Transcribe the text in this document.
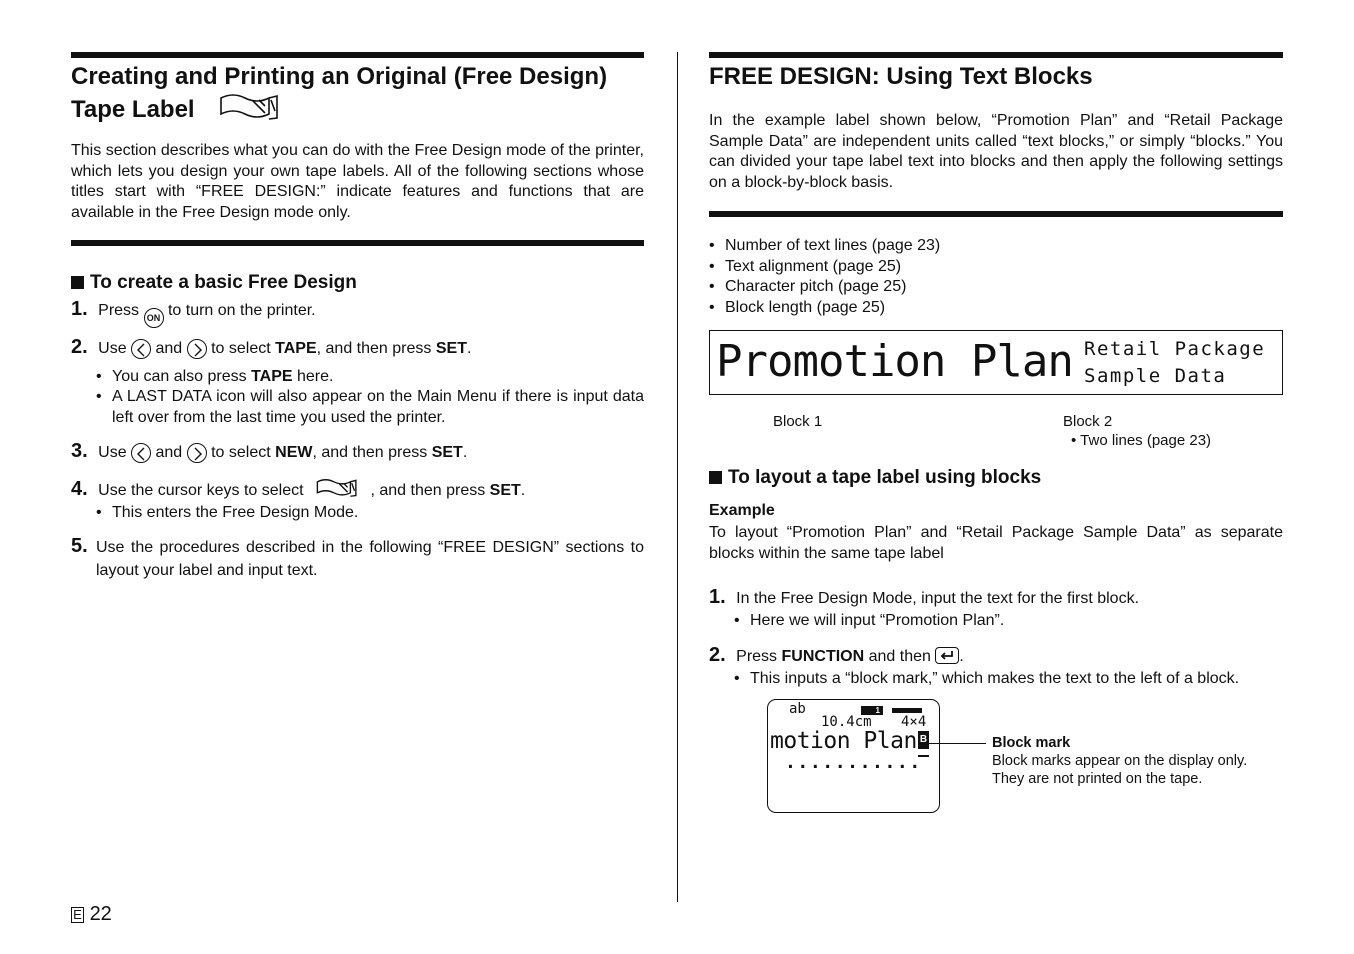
Creating and Printing an Original (Free Design)
Tape Label
This section describes what you can do with the Free Design mode of the printer, which lets you design your own tape labels. All of the following sections whose titles start with “FREE DESIGN:” indicate features and functions that are available in the Free Design mode only.
To create a basic Free Design
1. Press ON to turn on the printer.
2. Use and to select TAPE, and then press SET.
• You can also press TAPE here.
• A LAST DATA icon will also appear on the Main Menu if there is input data left over from the last time you used the printer.
3. Use and to select NEW, and then press SET.
4. Use the cursor keys to select	, and then press SET.
• This enters the Free Design Mode.
5. Use the procedures described in the following “FREE DESIGN” sections to layout your label and input text.
E 22
FREE DESIGN: Using Text Blocks
In the example label shown below, “Promotion Plan” and “Retail Package Sample Data” are independent units called “text blocks,” or simply “blocks.” You can divided your tape label text into blocks and then apply the following settings on a block-by-block basis.
• Number of text lines (page 23)
• Text alignment (page 25)
• Character pitch (page 25)
• Block length (page 25)
Promotion Plan Retail Package
Sample Data
Block 1	Block 2
• Two lines (page 23)
To layout a tape label using blocks
Example
To layout “Promotion Plan” and “Retail Package Sample Data” as separate blocks within the same tape label
1. In the Free Design Mode, input the text for the first block.
• Here we will input “Promotion Plan”.
2. Press FUNCTION and then .
• This inputs a “block mark,” which makes the text to the left of a block.
ab	1
10.4cm 4×4
motion Plan B
...........
Block mark
Block marks appear on the display only.
They are not printed on the tape.
